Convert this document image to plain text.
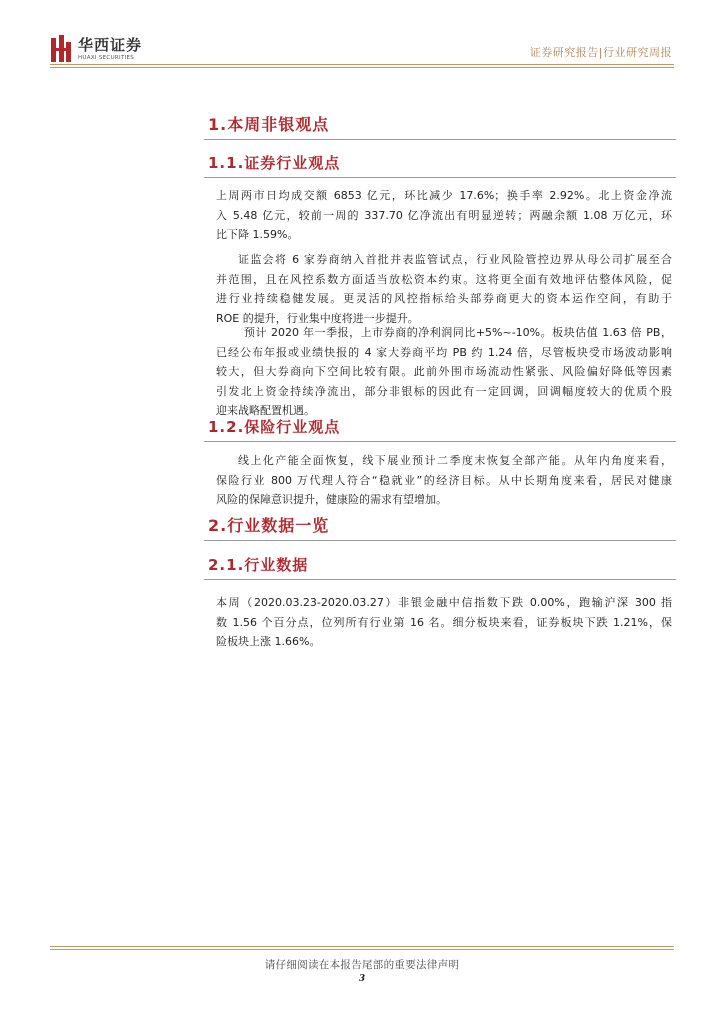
华西证券
HUAXI SECURITIES	证券研究报告|行业研究周报
1.本周非银观点
1.1.证券行业观点
上周两市日均成交额 6853 亿元，环比减少 17.6%；换手率 2.92%。北上资金净流
入 5.48 亿元，较前一周的 337.70 亿净流出有明显逆转；两融余额 1.08 万亿元，环
比下降 1.59%。
证监会将 6 家券商纳入首批并表监管试点，行业风险管控边界从母公司扩展至合
并范围，且在风控系数方面适当放松资本约束。这将更全面有效地评估整体风险，促
进行业持续稳健发展。更灵活的风控指标给头部券商更大的资本运作空间，有助于
ROE 的提升，行业集中度将进一步提升。
预计 2020 年一季报，上市券商的净利润同比+5%~-10%。板块估值 1.63 倍 PB，
已经公布年报或业绩快报的 4 家大券商平均 PB 约 1.24 倍，尽管板块受市场波动影响
较大，但大券商向下空间比较有限。此前外围市场流动性紧张、风险偏好降低等因素
引发北上资金持续净流出，部分非银标的因此有一定回调，回调幅度较大的优质个股
迎来战略配置机遇。
1.2.保险行业观点
线上化产能全面恢复，线下展业预计二季度末恢复全部产能。从年内角度来看，
保险行业 800 万代理人符合“稳就业”的经济目标。从中长期角度来看，居民对健康
风险的保障意识提升，健康险的需求有望增加。
2.行业数据一览
2.1.行业数据
本周（2020.03.23-2020.03.27）非银金融中信指数下跌 0.00%，跑输沪深 300 指
数 1.56 个百分点，位列所有行业第 16 名。细分板块来看，证券板块下跌 1.21%，保
险板块上涨 1.66%。
请仔细阅读在本报告尾部的重要法律声明
3
